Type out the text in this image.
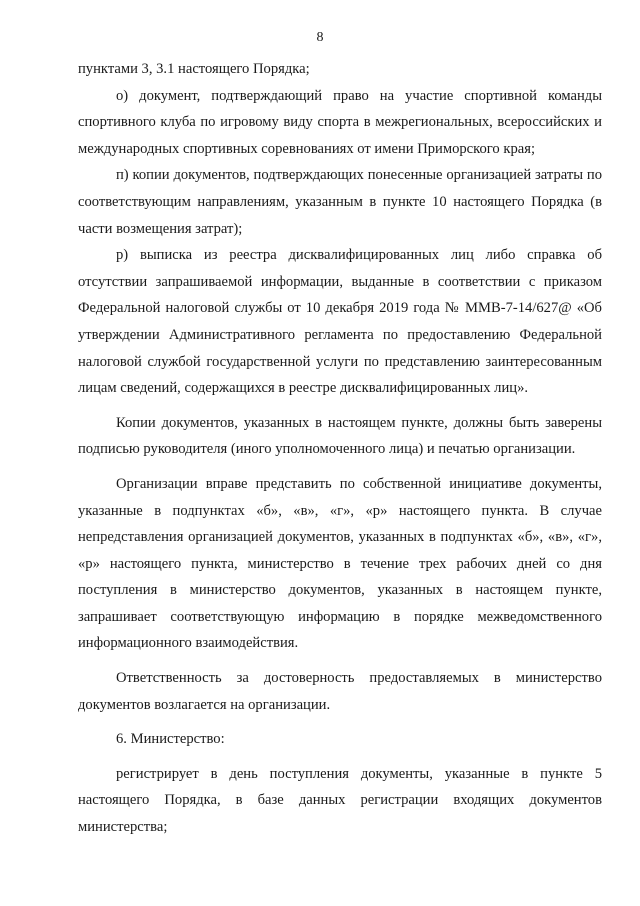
8

пунктами 3, 3.1 настоящего Порядка;

о) документ, подтверждающий право на участие спортивной команды спортивного клуба по игровому виду спорта в межрегиональных, всероссийских и международных спортивных соревнованиях от имени Приморского края;

п) копии документов, подтверждающих понесенные организацией затраты по соответствующим направлениям, указанным в пункте 10 настоящего Порядка (в части возмещения затрат);

р) выписка из реестра дисквалифицированных лиц либо справка об отсутствии запрашиваемой информации, выданные в соответствии с приказом Федеральной налоговой службы от 10 декабря 2019 года № ММВ-7-14/627@ «Об утверждении Административного регламента по предоставлению Федеральной налоговой службой государственной услуги по представлению заинтересованным лицам сведений, содержащихся в реестре дисквалифицированных лиц».

Копии документов, указанных в настоящем пункте, должны быть заверены подписью руководителя (иного уполномоченного лица) и печатью организации.

Организации вправе представить по собственной инициативе документы, указанные в подпунктах «б», «в», «г», «р» настоящего пункта. В случае непредставления организацией документов, указанных в подпунктах «б», «в», «г», «р» настоящего пункта, министерство в течение трех рабочих дней со дня поступления в министерство документов, указанных в настоящем пункте, запрашивает соответствующую информацию в порядке межведомственного информационного взаимодействия.

Ответственность за достоверность предоставляемых в министерство документов возлагается на организации.

6. Министерство:

регистрирует в день поступления документы, указанные в пункте 5 настоящего Порядка, в базе данных регистрации входящих документов министерства;
